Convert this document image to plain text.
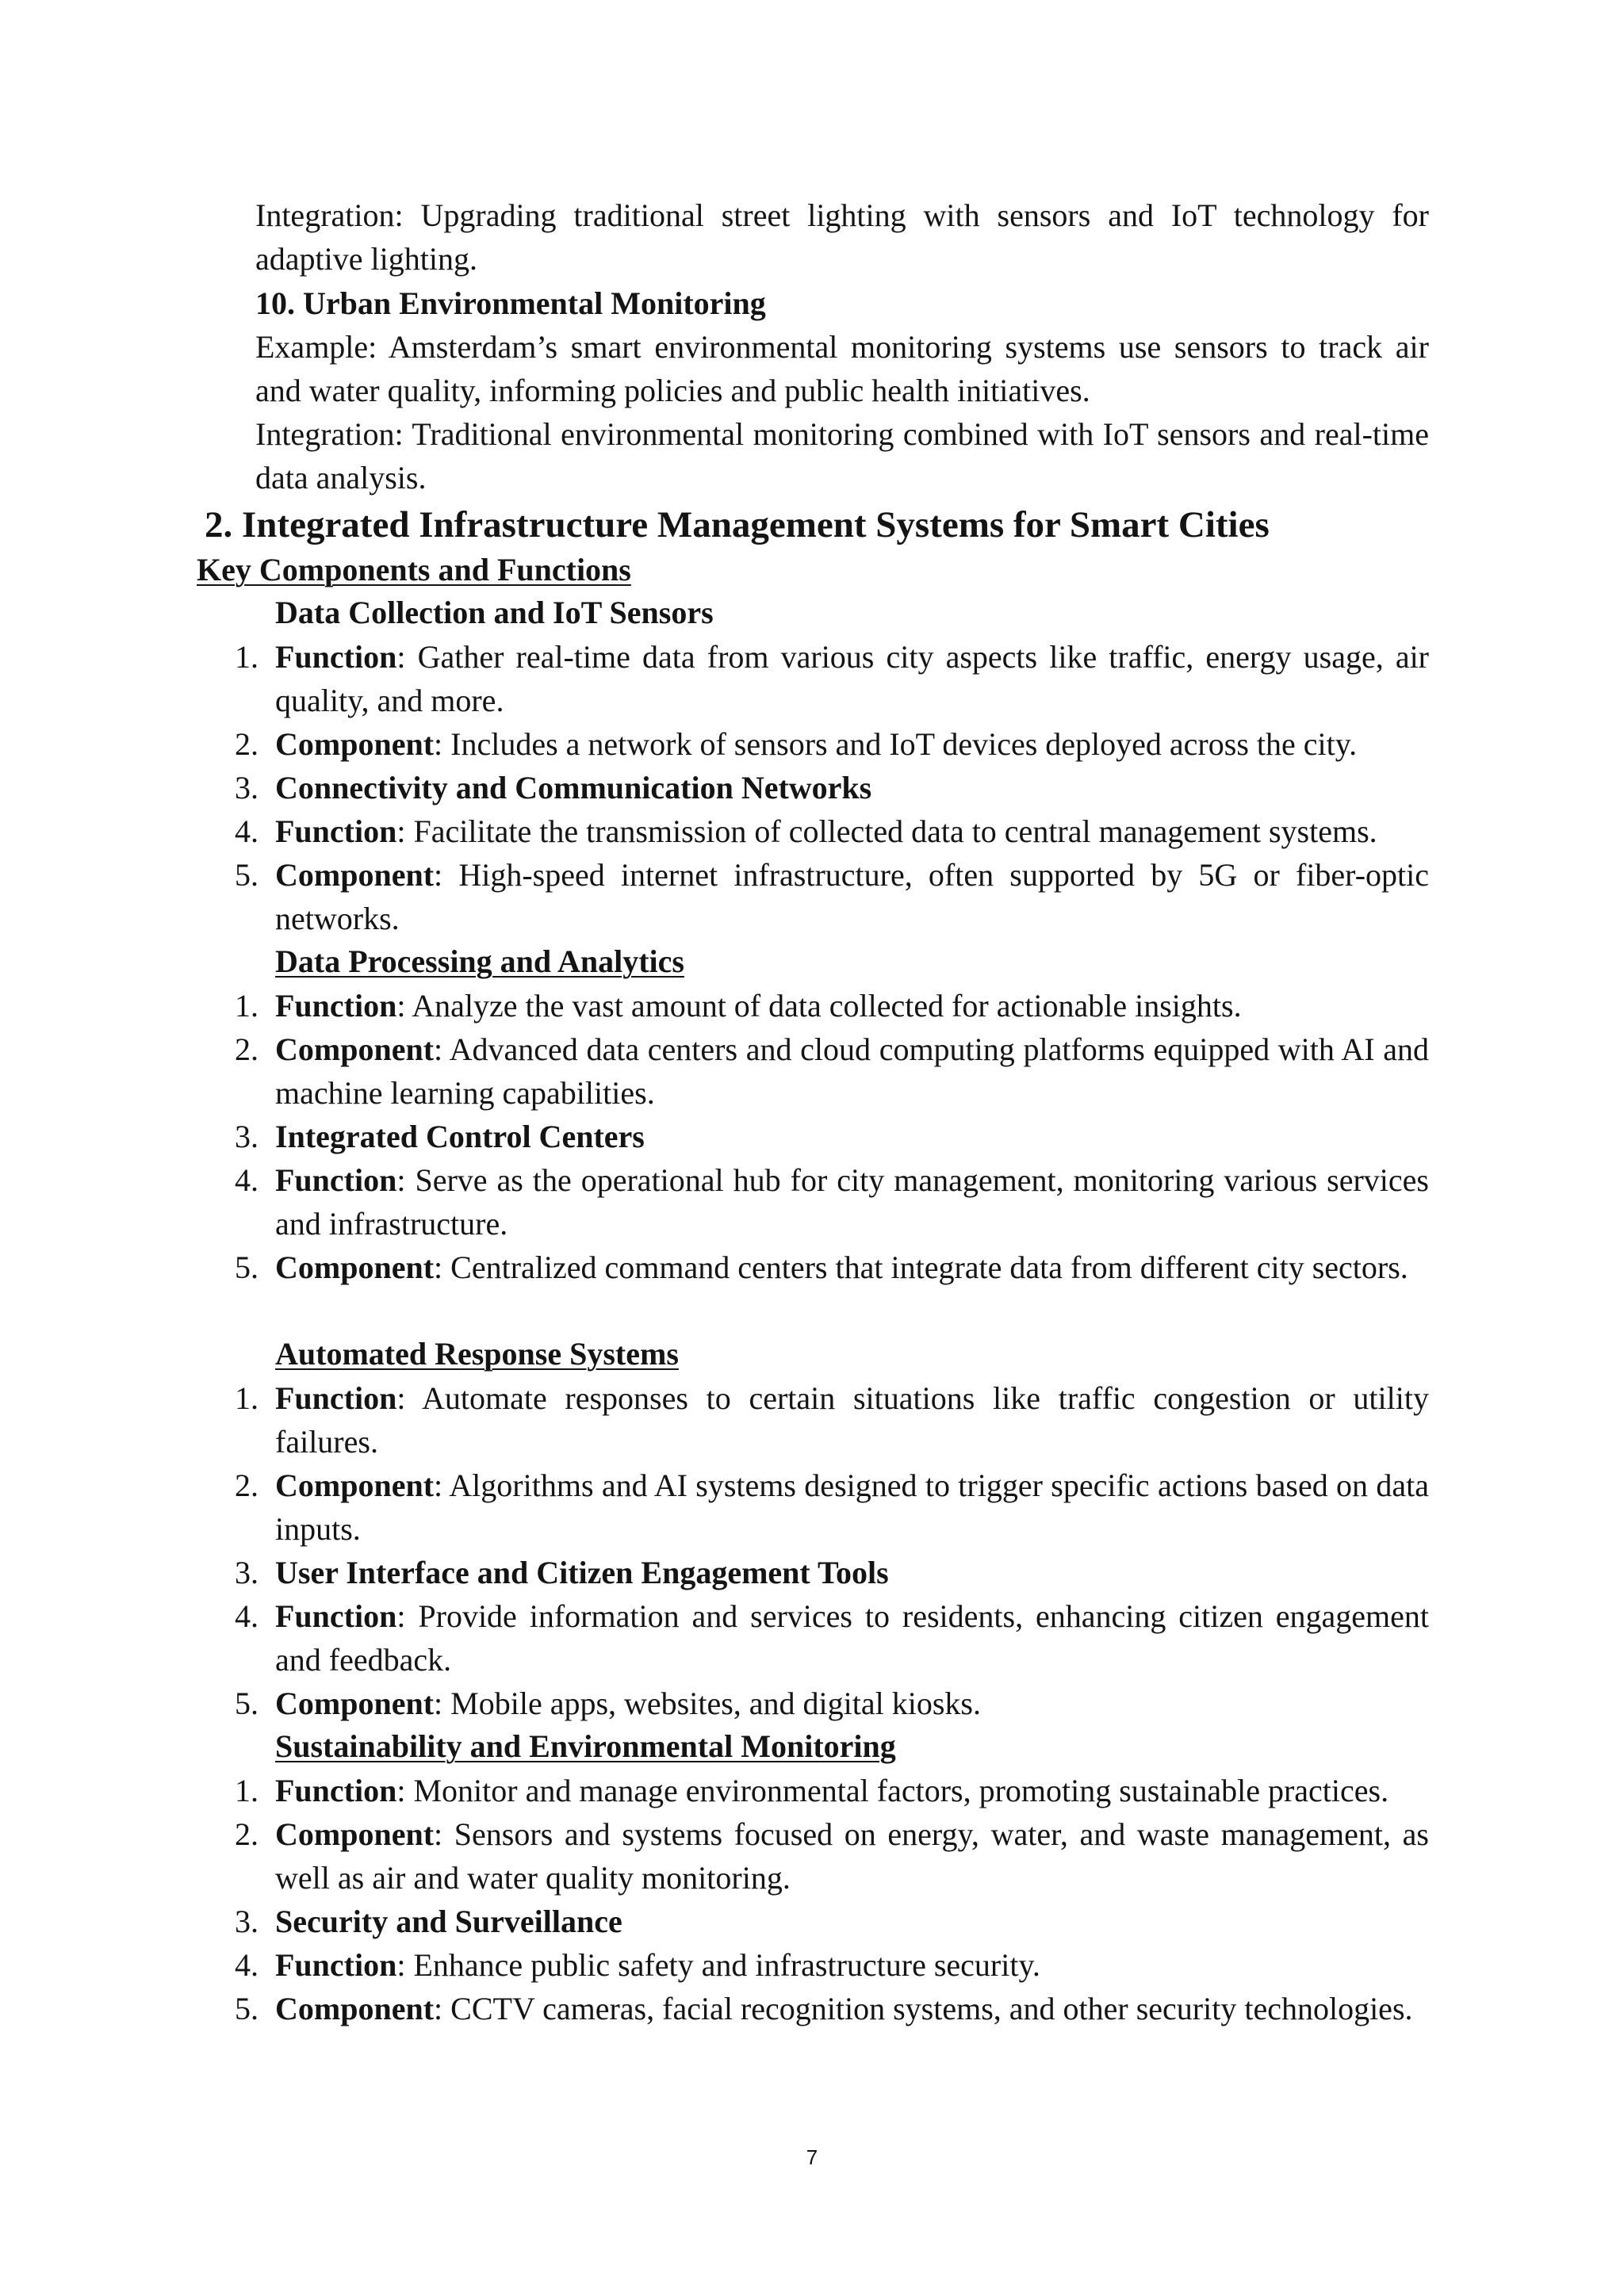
Integration: Upgrading traditional street lighting with sensors and IoT technology for adaptive lighting.
10. Urban Environmental Monitoring
Example: Amsterdam’s smart environmental monitoring systems use sensors to track air and water quality, informing policies and public health initiatives.
Integration: Traditional environmental monitoring combined with IoT sensors and real-time data analysis.
2. Integrated Infrastructure Management Systems for Smart Cities
Key Components and Functions
Data Collection and IoT Sensors
1. Function: Gather real-time data from various city aspects like traffic, energy usage, air quality, and more.
2. Component: Includes a network of sensors and IoT devices deployed across the city.
3. Connectivity and Communication Networks
4. Function: Facilitate the transmission of collected data to central management systems.
5. Component: High-speed internet infrastructure, often supported by 5G or fiber-optic networks.
Data Processing and Analytics
1. Function: Analyze the vast amount of data collected for actionable insights.
2. Component: Advanced data centers and cloud computing platforms equipped with AI and machine learning capabilities.
3. Integrated Control Centers
4. Function: Serve as the operational hub for city management, monitoring various services and infrastructure.
5. Component: Centralized command centers that integrate data from different city sectors.
Automated Response Systems
1. Function: Automate responses to certain situations like traffic congestion or utility failures.
2. Component: Algorithms and AI systems designed to trigger specific actions based on data inputs.
3. User Interface and Citizen Engagement Tools
4. Function: Provide information and services to residents, enhancing citizen engagement and feedback.
5. Component: Mobile apps, websites, and digital kiosks.
Sustainability and Environmental Monitoring
1. Function: Monitor and manage environmental factors, promoting sustainable practices.
2. Component: Sensors and systems focused on energy, water, and waste management, as well as air and water quality monitoring.
3. Security and Surveillance
4. Function: Enhance public safety and infrastructure security.
5. Component: CCTV cameras, facial recognition systems, and other security technologies.
7
